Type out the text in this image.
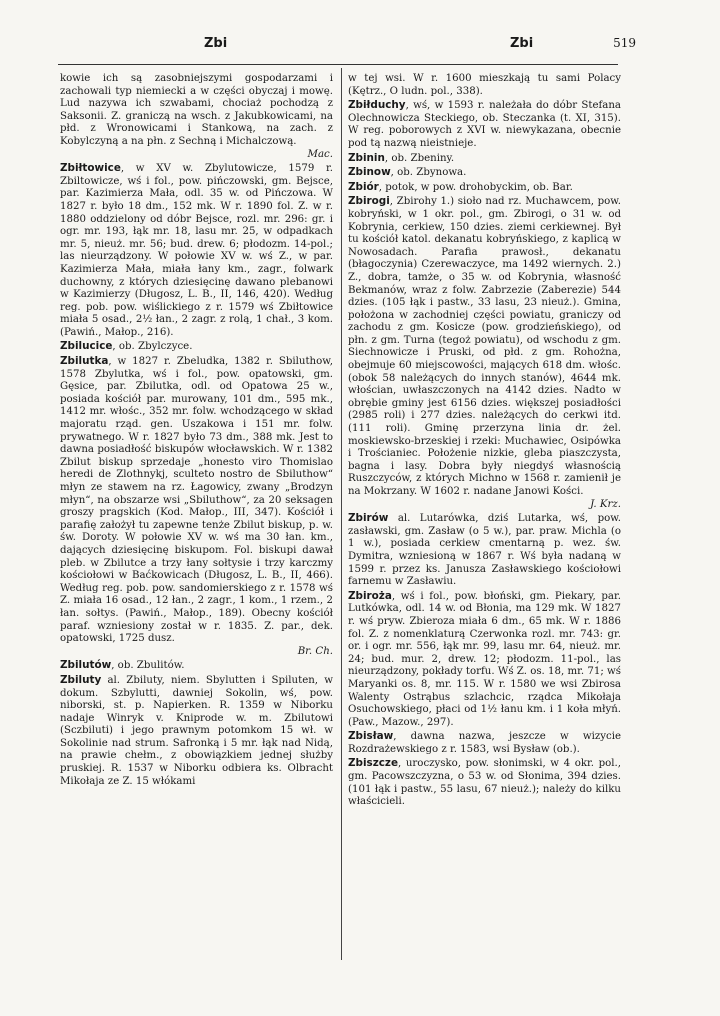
Zbi	Zbi	519

kowie ich są zasobniejszymi gospodarzami i zachowali typ niemiecki a w części obyczaj i mowę. Lud nazywa ich szwabami, chociaż pochodzą z Saksonii. Z. graniczą na wsch. z Jakubkowicami, na płd. z Wronowicami i Stankową, na zach. z Kobylczyną a na płn. z Sechną i Michalczową.
Mac.

Zbiłtowice, w XV w. Zbylutowicze, 1579 r. Zbiltowicze, wś i fol., pow. pińczowski, gm. Bejsce, par. Kazimierza Mała, odl. 35 w. od Pińczowa. W 1827 r. było 18 dm., 152 mk. W r. 1890 fol. Z. w r. 1880 oddzielony od dóbr Bejsce, rozl. mr. 296: gr. i ogr. mr. 193, łąk mr. 18, lasu mr. 25, w odpadkach mr. 5, nieuż. mr. 56; bud. drew. 6; płodozm. 14-pol.; las nieurządzony. W połowie XV w. wś Z., w par. Kazimierza Mała, miała łany km., zagr., folwark duchowny, z których dziesięcinę dawano plebanowi w Kazimierzy (Długosz, L. B., II, 146, 420). Według reg. pob. pow. wiślickiego z r. 1579 wś Zbiłtowice miała 5 osad., 2½ łan., 2 zagr. z rolą, 1 chał., 3 kom. (Pawiń., Małop., 216).

Zbilucice, ob. Zbylczyce.

Zbilutka, w 1827 r. Zbeludka, 1382 r. Sbiluthow, 1578 Zbylutka, wś i fol., pow. opatowski, gm. Gęsice, par. Zbilutka, odl. od Opatowa 25 w., posiada kościół par. murowany, 101 dm., 595 mk., 1412 mr. włośc., 352 mr. folw. wchodzącego w skład majoratu rząd. gen. Uszakowa i 151 mr. folw. prywatnego. W r. 1827 było 73 dm., 388 mk. Jest to dawna posiadłość biskupów włocławskich. W r. 1382 Zbilut biskup sprzedaje „honesto viro Thomislao heredi de Zlothnykj, sculteto nostro de Sbiluthow“ młyn ze stawem na rz. Łagowicy, zwany „Brodzyn młyn“, na obszarze wsi „Sbiluthow“, za 20 seksagen groszy pragskich (Kod. Małop., III, 347). Kościół i parafię założył tu zapewne tenże Zbilut biskup, p. w. św. Doroty. W połowie XV w. wś ma 30 łan. km., dających dziesięcinę biskupom. Fol. biskupi dawał pleb. w Zbilutce a trzy łany sołtysie i trzy karczmy kościołowi w Baćkowicach (Długosz, L. B., II, 466). Według reg. pob. pow. sandomierskiego z r. 1578 wś Z. miała 16 osad., 12 łan., 2 zagr., 1 kom., 1 rzem., 2 łan. sołtys. (Pawiń., Małop., 189). Obecny kościół paraf. wzniesiony został w r. 1835. Z. par., dek. opatowski, 1725 dusz.
Br. Ch.

Zbilutów, ob. Zbulitów.

Zbiluty al. Zbiluty, niem. Sbylutten i Spiluten, w dokum. Szbylutti, dawniej Sokolin, wś, pow. niborski, st. p. Napierken. R. 1359 w Niborku nadaje Winryk v. Kniprode w. m. Zbilutowi (Sczbiluti) i jego prawnym potomkom 15 wł. w Sokolinie nad strum. Safronką i 5 mr. łąk nad Nidą, na prawie chełm., z obowiązkiem jednej służby pruskiej. R. 1537 w Niborku odbiera ks. Olbracht Mikołaja ze Z. 15 włókami

w tej wsi. W r. 1600 mieszkają tu sami Polacy (Kętrz., O ludn. pol., 338).

Zbiłduchy, wś, w 1593 r. należała do dóbr Stefana Olechnowicza Steckiego, ob. Steczanka (t. XI, 315). W reg. poborowych z XVI w. niewykazana, obecnie pod tą nazwą nieistnieje.

Zbinin, ob. Zbeniny.

Zbinow, ob. Zbynowa.

Zbiór, potok, w pow. drohobyckim, ob. Bar.

Zbirogi, Zbirohy 1.) sioło nad rz. Muchawcem, pow. kobryński, w 1 okr. pol., gm. Zbirogi, o 31 w. od Kobrynia, cerkiew, 150 dzies. ziemi cerkiewnej. Był tu kościół katol. dekanatu kobryńskiego, z kaplicą w Nowosadach. Parafia prawosł., dekanatu (błagoczynia) Czerewaczyce, ma 1492 wiernych. 2.) Z., dobra, tamże, o 35 w. od Kobrynia, własność Bekmanów, wraz z folw. Zabrzezie (Zaberezie) 544 dzies. (105 łąk i pastw., 33 lasu, 23 nieuż.). Gmina, położona w zachodniej części powiatu, graniczy od zachodu z gm. Kosicze (pow. grodzieńskiego), od płn. z gm. Turna (tegoż powiatu), od wschodu z gm. Siechnowicze i Pruski, od płd. z gm. Rohożna, obejmuje 60 miejscowości, mających 618 dm. włośc. (obok 58 należących do innych stanów), 4644 mk. włościan, uwłaszczonych na 4142 dzies. Nadto w obrębie gminy jest 6156 dzies. większej posiadłości (2985 roli) i 277 dzies. należących do cerkwi itd. (111 roli). Gminę przerzyna linia dr. żel. moskiewsko-brzeskiej i rzeki: Muchawiec, Osipówka i Trościaniec. Położenie nizkie, gleba piaszczysta, bagna i lasy. Dobra były niegdyś własnością Ruszczyców, z których Michno w 1568 r. zamienił je na Mokrzany. W 1602 r. nadane Janowi Kości.
J. Krz.

Zbirów al. Lutarówka, dziś Lutarka, wś, pow. zasławski, gm. Zasław (o 5 w.), par. praw. Michla (o 1 w.), posiada cerkiew cmentarną p. wez. św. Dymitra, wzniesioną w 1867 r. Wś była nadaną w 1599 r. przez ks. Janusza Zasławskiego kościołowi farnemu w Zasławiu.

Zbiroża, wś i fol., pow. błoński, gm. Piekary, par. Lutkówka, odl. 14 w. od Błonia, ma 129 mk. W 1827 r. wś pryw. Zbieroza miała 6 dm., 65 mk. W r. 1886 fol. Z. z nomenklaturą Czerwonka rozl. mr. 743: gr. or. i ogr. mr. 556, łąk mr. 99, lasu mr. 64, nieuż. mr. 24; bud. mur. 2, drew. 12; płodozm. 11-pol., las nieurządzony, pokłady torfu. Wś Z. os. 18, mr. 71; wś Maryanki os. 8, mr. 115. W r. 1580 we wsi Zbirosa Walenty Ostrąbus szlachcic, rządca Mikołaja Osuchowskiego, płaci od 1½ łanu km. i 1 koła młyń. (Paw., Mazow., 297).

Zbisław, dawna nazwa, jeszcze w wizycie Rozdrażewskiego z r. 1583, wsi Bysław (ob.).

Zbiszcze, uroczysko, pow. słonimski, w 4 okr. pol., gm. Pacowszczyzna, o 53 w. od Słonima, 394 dzies. (101 łąk i pastw., 55 lasu, 67 nieuż.); należy do kilku właścicieli.
